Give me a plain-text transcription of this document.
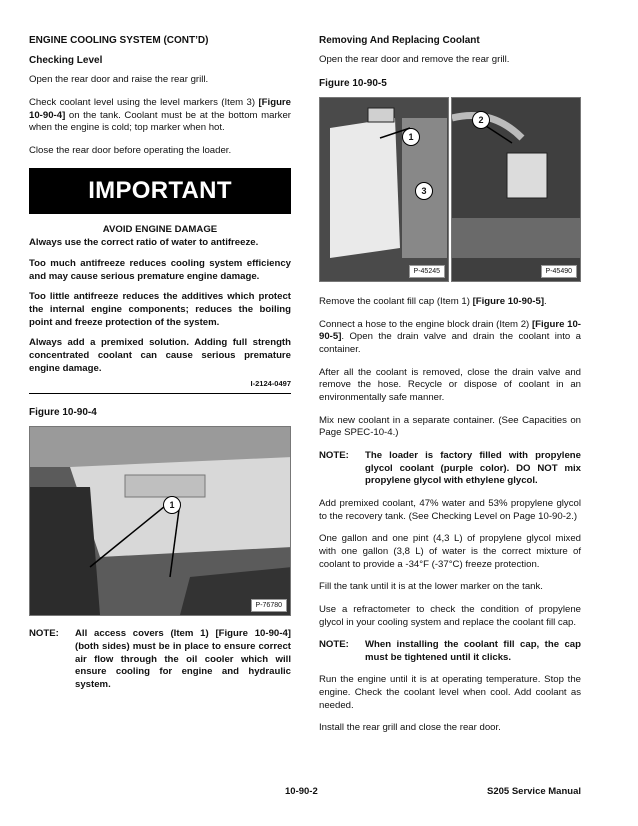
ENGINE COOLING SYSTEM (CONT’D)
Checking Level

Open the rear door and raise the rear grill.

Check coolant level using the level markers (Item 3) [Figure 10-90-4] on the tank. Coolant must be at the bottom marker when the engine is cold; top marker when hot.

Close the rear door before operating the loader.

IMPORTANT
AVOID ENGINE DAMAGE

Always use the correct ratio of water to antifreeze.

Too much antifreeze reduces cooling system efficiency and may cause serious premature engine damage.

Too little antifreeze reduces the additives which protect the internal engine components; reduces the boiling point and freeze protection of the system.

Always add a premixed solution. Adding full strength concentrated coolant can cause serious premature engine damage.

I-2124-0497
Figure 10-90-4
1
P-76780
NOTE:	All access covers (Item 1) [Figure 10-90-4] (both sides) must be in place to ensure correct air flow through the oil cooler which will ensure cooling for engine and hydraulic system.
Removing And Replacing Coolant

Open the rear door and remove the rear grill.

Figure 10-90-5
1
3
P-45245
2
P-45490

Remove the coolant fill cap (Item 1) [Figure 10-90-5].

Connect a hose to the engine block drain (Item 2) [Figure 10-90-5]. Open the drain valve and drain the coolant into a container.

After all the coolant is removed, close the drain valve and remove the hose. Recycle or dispose of coolant in an environmentally safe manner.

Mix new coolant in a separate container. (See Capacities on Page SPEC-10-4.)

NOTE:	The loader is factory filled with propylene glycol coolant (purple color). DO NOT mix propylene glycol with ethylene glycol.

Add premixed coolant, 47% water and 53% propylene glycol to the recovery tank. (See Checking Level on Page 10-90-2.)

One gallon and one pint (4,3 L) of propylene glycol mixed with one gallon (3,8 L) of water is the correct mixture of coolant to provide a -34°F (-37°C) freeze protection.

Fill the tank until it is at the lower marker on the tank.

Use a refractometer to check the condition of propylene glycol in your cooling system and replace the coolant fill cap.

NOTE:	When installing the coolant fill cap, the cap must be tightened until it clicks.

Run the engine until it is at operating temperature. Stop the engine. Check the coolant level when cool. Add coolant as needed.

Install the rear grill and close the rear door.

10-90-2	S205 Service Manual
